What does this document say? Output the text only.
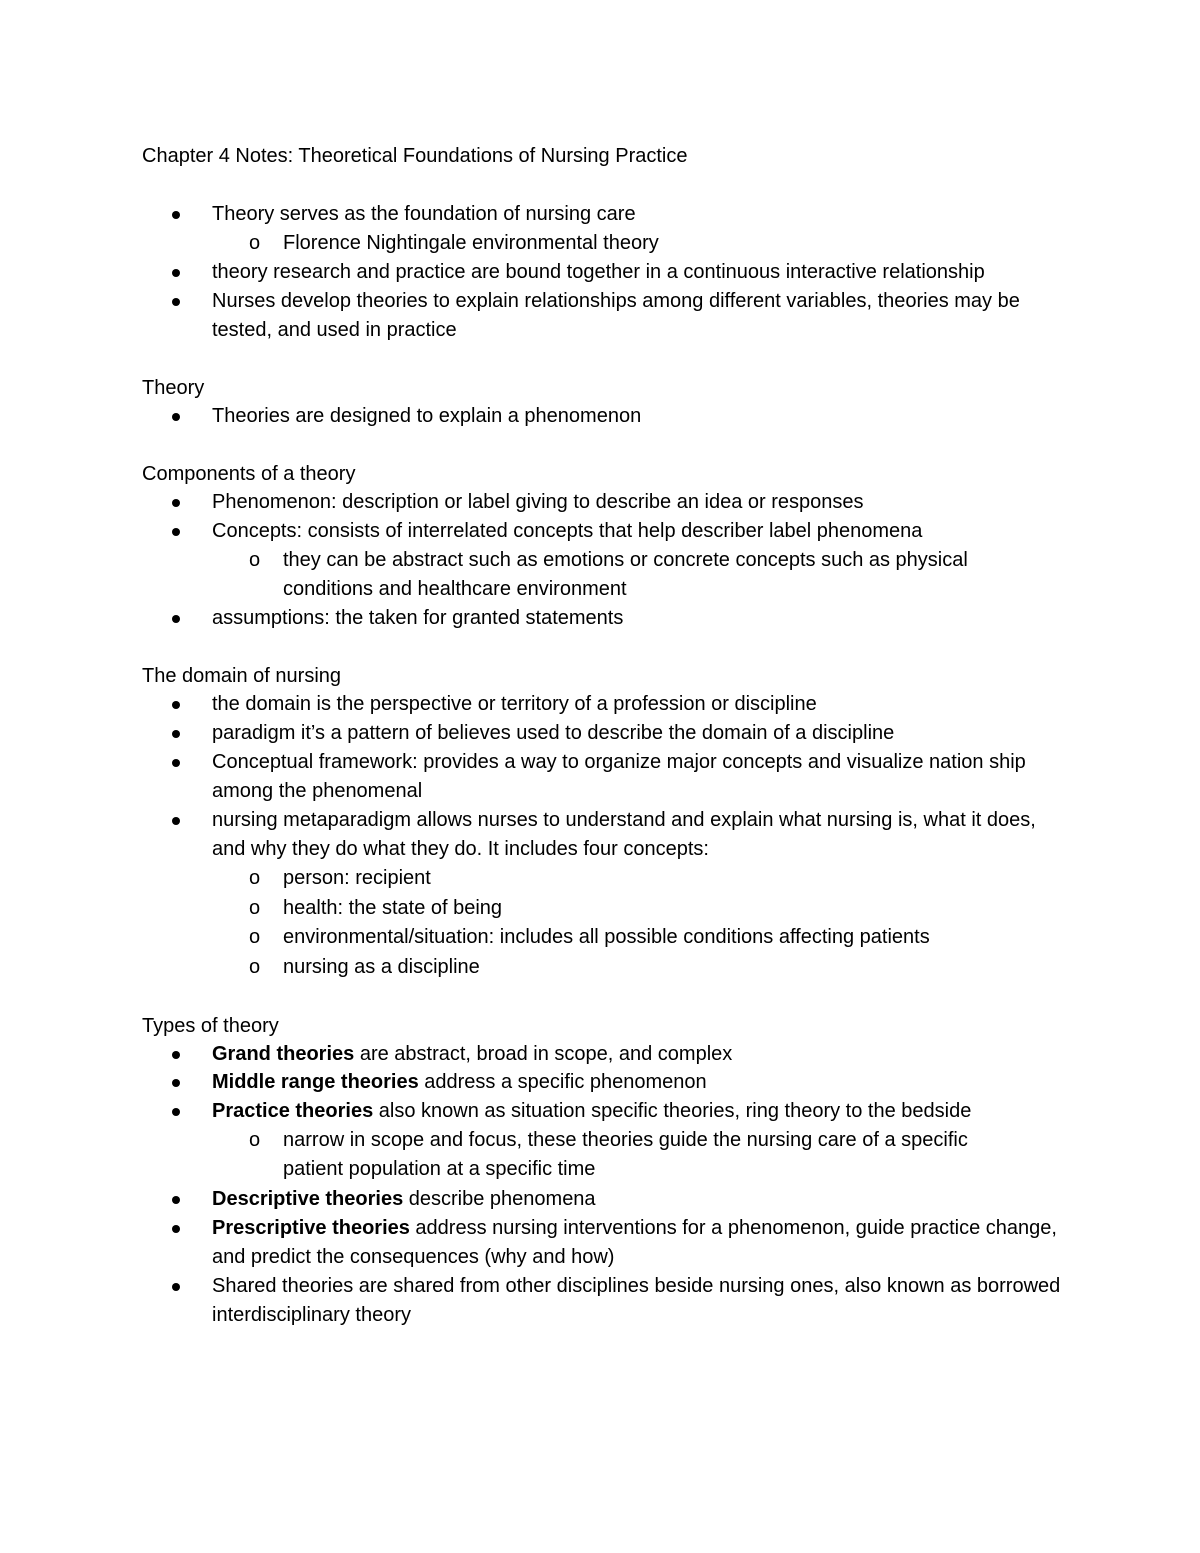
Chapter 4 Notes: Theoretical Foundations of Nursing Practice
Theory serves as the foundation of nursing care
o Florence Nightingale environmental theory
theory research and practice are bound together in a continuous interactive relationship
Nurses develop theories to explain relationships among different variables, theories may be tested, and used in practice
Theory
Theories are designed to explain a phenomenon
Components of a theory
Phenomenon: description or label giving to describe an idea or responses
Concepts: consists of interrelated concepts that help describer label phenomena
o they can be abstract such as emotions or concrete concepts such as physical conditions and healthcare environment
assumptions: the taken for granted statements
The domain of nursing
the domain is the perspective or territory of a profession or discipline
paradigm it’s a pattern of believes used to describe the domain of a discipline
Conceptual framework: provides a way to organize major concepts and visualize nation ship among the phenomenal
nursing metaparadigm allows nurses to understand and explain what nursing is, what it does, and why they do what they do. It includes four concepts:
o person: recipient
o health: the state of being
o environmental/situation: includes all possible conditions affecting patients
o nursing as a discipline
Types of theory
Grand theories are abstract, broad in scope, and complex
Middle range theories address a specific phenomenon
Practice theories also known as situation specific theories, ring theory to the bedside
o narrow in scope and focus, these theories guide the nursing care of a specific patient population at a specific time
Descriptive theories describe phenomena
Prescriptive theories address nursing interventions for a phenomenon, guide practice change, and predict the consequences (why and how)
Shared theories are shared from other disciplines beside nursing ones, also known as borrowed interdisciplinary theory
